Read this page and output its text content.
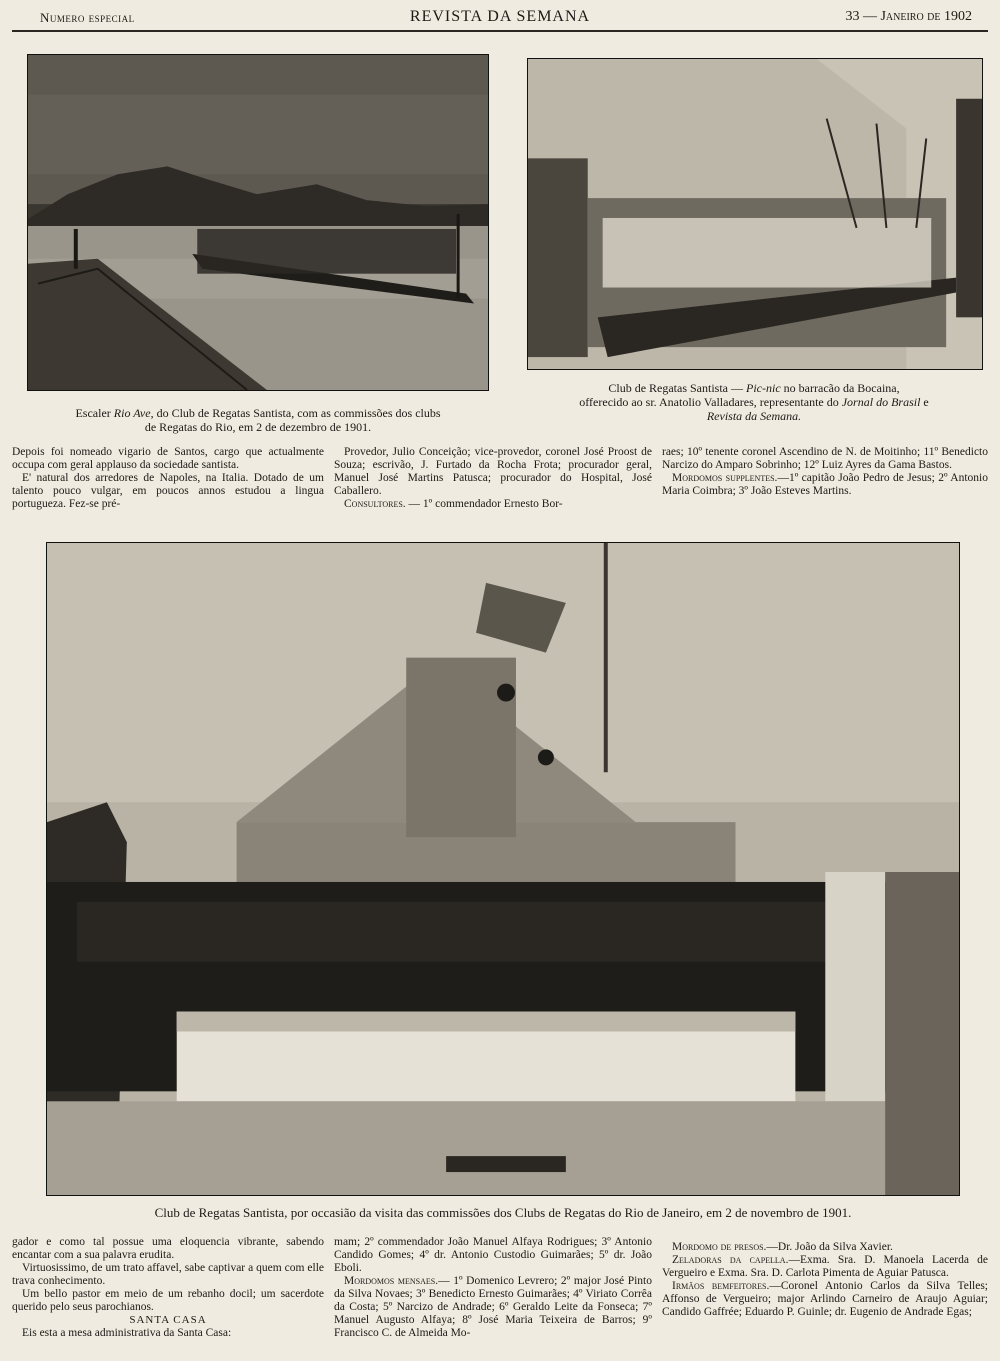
Numero especial	REVISTA DA SEMANA	33 — Janeiro de 1902
Escaler Rio Ave, do Club de Regatas Santista, com as commissões dos clubs
de Regatas do Rio, em 2 de dezembro de 1901.
Club de Regatas Santista — Pic-nic no barracão da Bocaina,
offerecido ao sr. Anatolio Valladares, representante do Jornal do Brasil e
Revista da Semana.

Depois foi nomeado vigario de Santos, cargo que actualmente occupa com geral applauso da sociedade santista.

E' natural dos arredores de Napoles, na Italia. Dotado de um talento pouco vulgar, em poucos annos estudou a lingua portugueza. Fez-se pré-

Provedor, Julio Conceição; vice-provedor, coronel José Proost de Souza; escrivão, J. Furtado da Rocha Frota; procurador geral, Manuel José Martins Patusca; procurador do Hospital, José Caballero.

Consultores. — 1º commendador Ernesto Bor-

raes; 10º tenente coronel Ascendino de N. de Moitinho; 11º Benedicto Narcizo do Amparo Sobrinho; 12º Luiz Ayres da Gama Bastos.

Mordomos supplentes.—1º capitão João Pedro de Jesus; 2º Antonio Maria Coimbra; 3º João Esteves Martins.

Club de Regatas Santista, por occasião da visita das commissões dos Clubs de Regatas do Rio de Janeiro, em 2 de novembro de 1901.

gador e como tal possue uma eloquencia vibrante, sabendo encantar com a sua palavra erudita.

Virtuosissimo, de um trato affavel, sabe captivar a quem com elle trava conhecimento.

Um bello pastor em meio de um rebanho docil; um sacerdote querido pelo seus parochianos.

SANTA CASA

Eis esta a mesa administrativa da Santa Casa:

mam; 2º commendador João Manuel Alfaya Rodrigues; 3º Antonio Candido Gomes; 4º dr. Antonio Custodio Guimarães; 5º dr. João Eboli.

Mordomos mensaes.— 1º Domenico Levrero; 2º major José Pinto da Silva Novaes; 3º Benedicto Ernesto Guimarães; 4º Viriato Corrêa da Costa; 5º Narcizo de Andrade; 6º Geraldo Leite da Fonseca; 7º Manuel Augusto Alfaya; 8º José Maria Teixeira de Barros; 9º Francisco C. de Almeida Mo-

Mordomo de presos.—Dr. João da Silva Xavier.

Zeladoras da capella.—Exma. Sra. D. Manoela Lacerda de Vergueiro e Exma. Sra. D. Carlota Pimenta de Aguiar Patusca.

Irmãos bemfeitores.—Coronel Antonio Carlos da Silva Telles; Affonso de Vergueiro; major Arlindo Carneiro de Araujo Aguiar; Candido Gaffrée; Eduardo P. Guinle; dr. Eugenio de Andrade Egas;
